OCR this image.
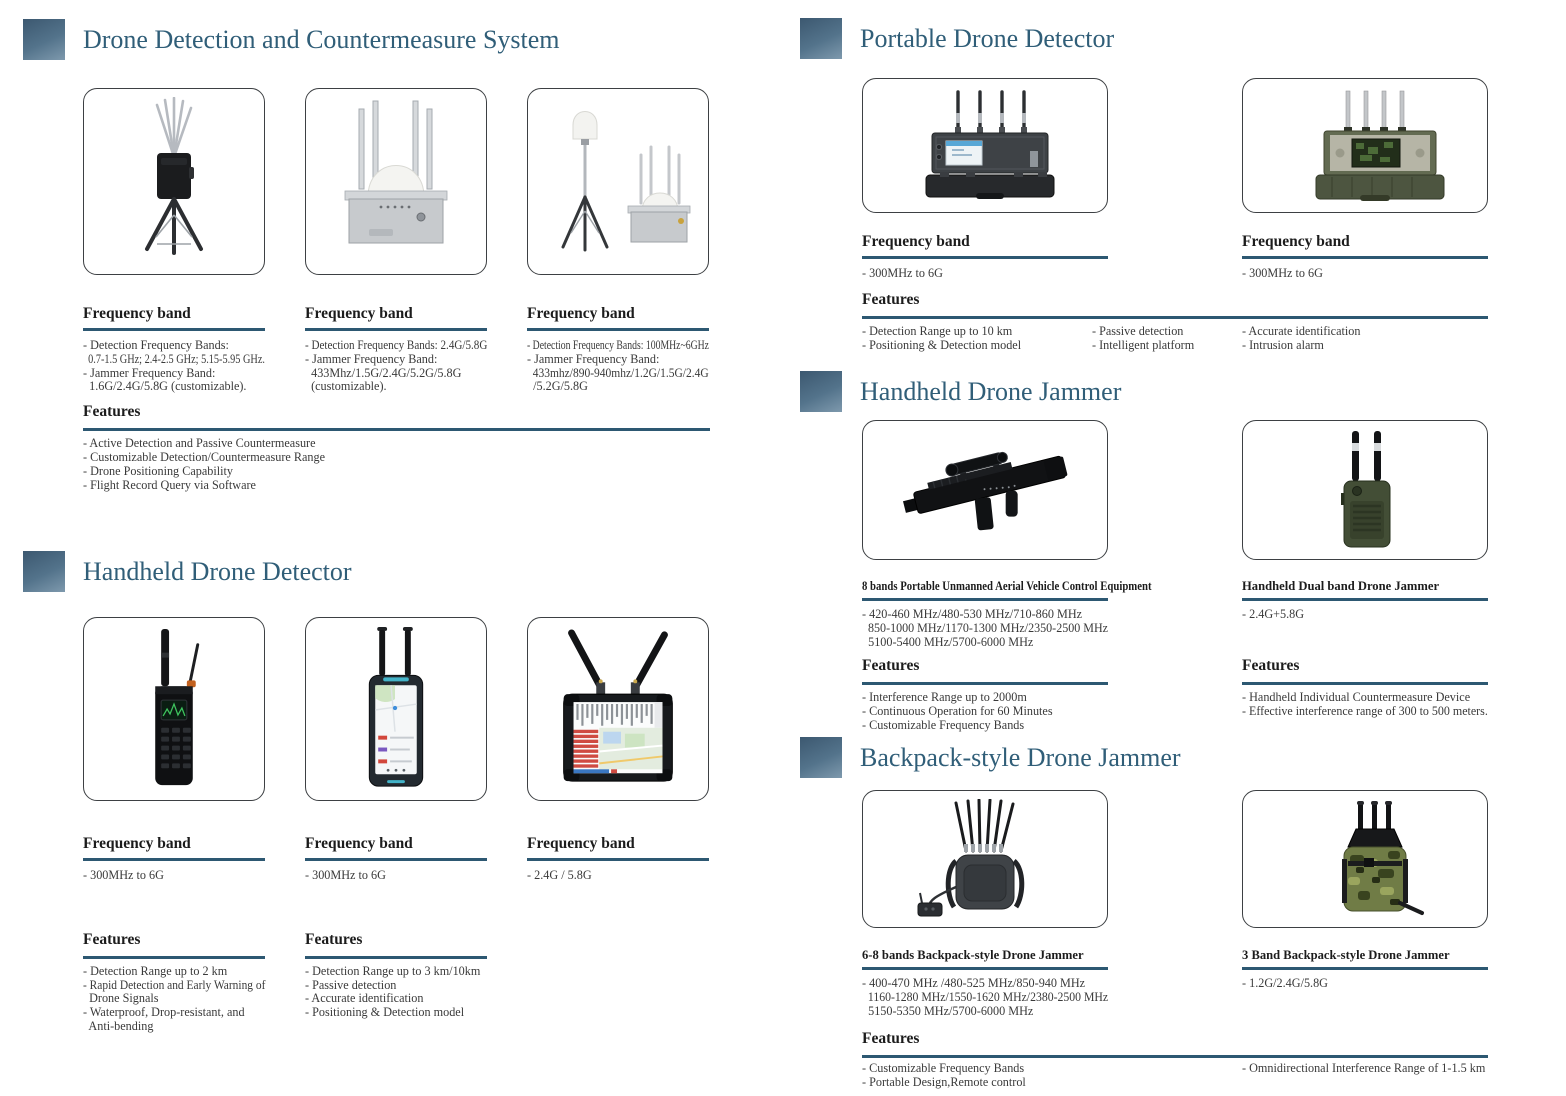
Drone Detection and Countermeasure System
Frequency band
- Detection Frequency Bands:
0.7-1.5 GHz; 2.4-2.5 GHz; 5.15-5.95 GHz.
- Jammer Frequency Band:
1.6G/2.4G/5.8G (customizable).
Frequency band
- Detection Frequency Bands: 2.4G/5.8G
- Jammer Frequency Band:
433Mhz/1.5G/2.4G/5.2G/5.8G
(customizable).
Frequency band
- Detection Frequency Bands: 100MHz~6GHz
- Jammer Frequency Band:
433mhz/890-940mhz/1.2G/1.5G/2.4G
/5.2G/5.8G
Features
- Active Detection and Passive Countermeasure
- Customizable Detection/Countermeasure Range
- Drone Positioning Capability
- Flight Record Query via Software
Handheld Drone Detector
Frequency band
- 300MHz to 6G
Frequency band
- 300MHz to 6G
Frequency band
- 2.4G / 5.8G
Features
- Detection Range up to 2 km
- Rapid Detection and Early Warning of
Drone Signals
- Waterproof, Drop-resistant, and
Anti-bending
Features
- Detection Range up to 3 km/10km
- Passive detection
- Accurate identification
- Positioning & Detection model
Portable Drone Detector
Frequency band
- 300MHz to 6G
Frequency band
- 300MHz to 6G
Features
- Detection Range up to 10 km
- Positioning & Detection model
- Passive detection
- Intelligent platform
- Accurate identification
- Intrusion alarm
Handheld Drone Jammer
8 bands Portable Unmanned Aerial Vehicle Control Equipment
- 420-460 MHz/480-530 MHz/710-860 MHz
850-1000 MHz/1170-1300 MHz/2350-2500 MHz
5100-5400 MHz/5700-6000 MHz
Features
- Interference Range up to 2000m
- Continuous Operation for 60 Minutes
- Customizable Frequency Bands
Handheld Dual band Drone Jammer
- 2.4G+5.8G
Features
- Handheld Individual Countermeasure Device
- Effective interference range of 300 to 500 meters.
Backpack-style Drone Jammer
6-8 bands Backpack-style Drone Jammer
- 400-470 MHz /480-525 MHz/850-940 MHz
1160-1280 MHz/1550-1620 MHz/2380-2500 MHz
5150-5350 MHz/5700-6000 MHz
3 Band Backpack-style Drone Jammer
- 1.2G/2.4G/5.8G
Features
- Customizable Frequency Bands
- Portable Design,Remote control
- Omnidirectional Interference Range of 1-1.5 km
